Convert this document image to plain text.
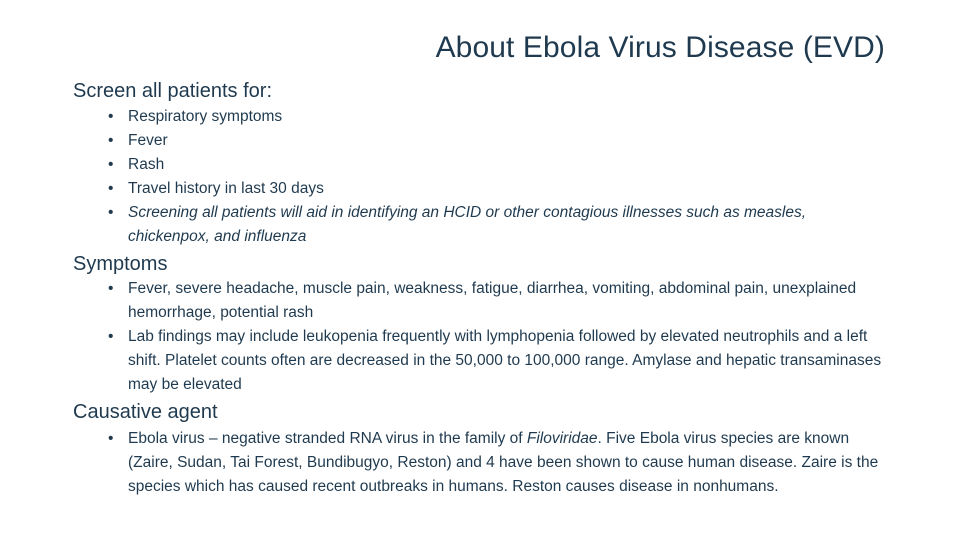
About Ebola Virus Disease (EVD)
Screen all patients for:
• Respiratory symptoms
• Fever
• Rash
• Travel history in last 30 days
• Screening all patients will aid in identifying an HCID or other contagious illnesses such as measles, chickenpox, and influenza
Symptoms
• Fever, severe headache, muscle pain, weakness, fatigue, diarrhea, vomiting, abdominal pain, unexplained hemorrhage, potential rash
• Lab findings may include leukopenia frequently with lymphopenia followed by elevated neutrophils and a left shift. Platelet counts often are decreased in the 50,000 to 100,000 range. Amylase and hepatic transaminases may be elevated
Causative agent
• Ebola virus – negative stranded RNA virus in the family of Filoviridae. Five Ebola virus species are known (Zaire, Sudan, Tai Forest, Bundibugyo, Reston) and 4 have been shown to cause human disease. Zaire is the species which has caused recent outbreaks in humans. Reston causes disease in nonhumans.
